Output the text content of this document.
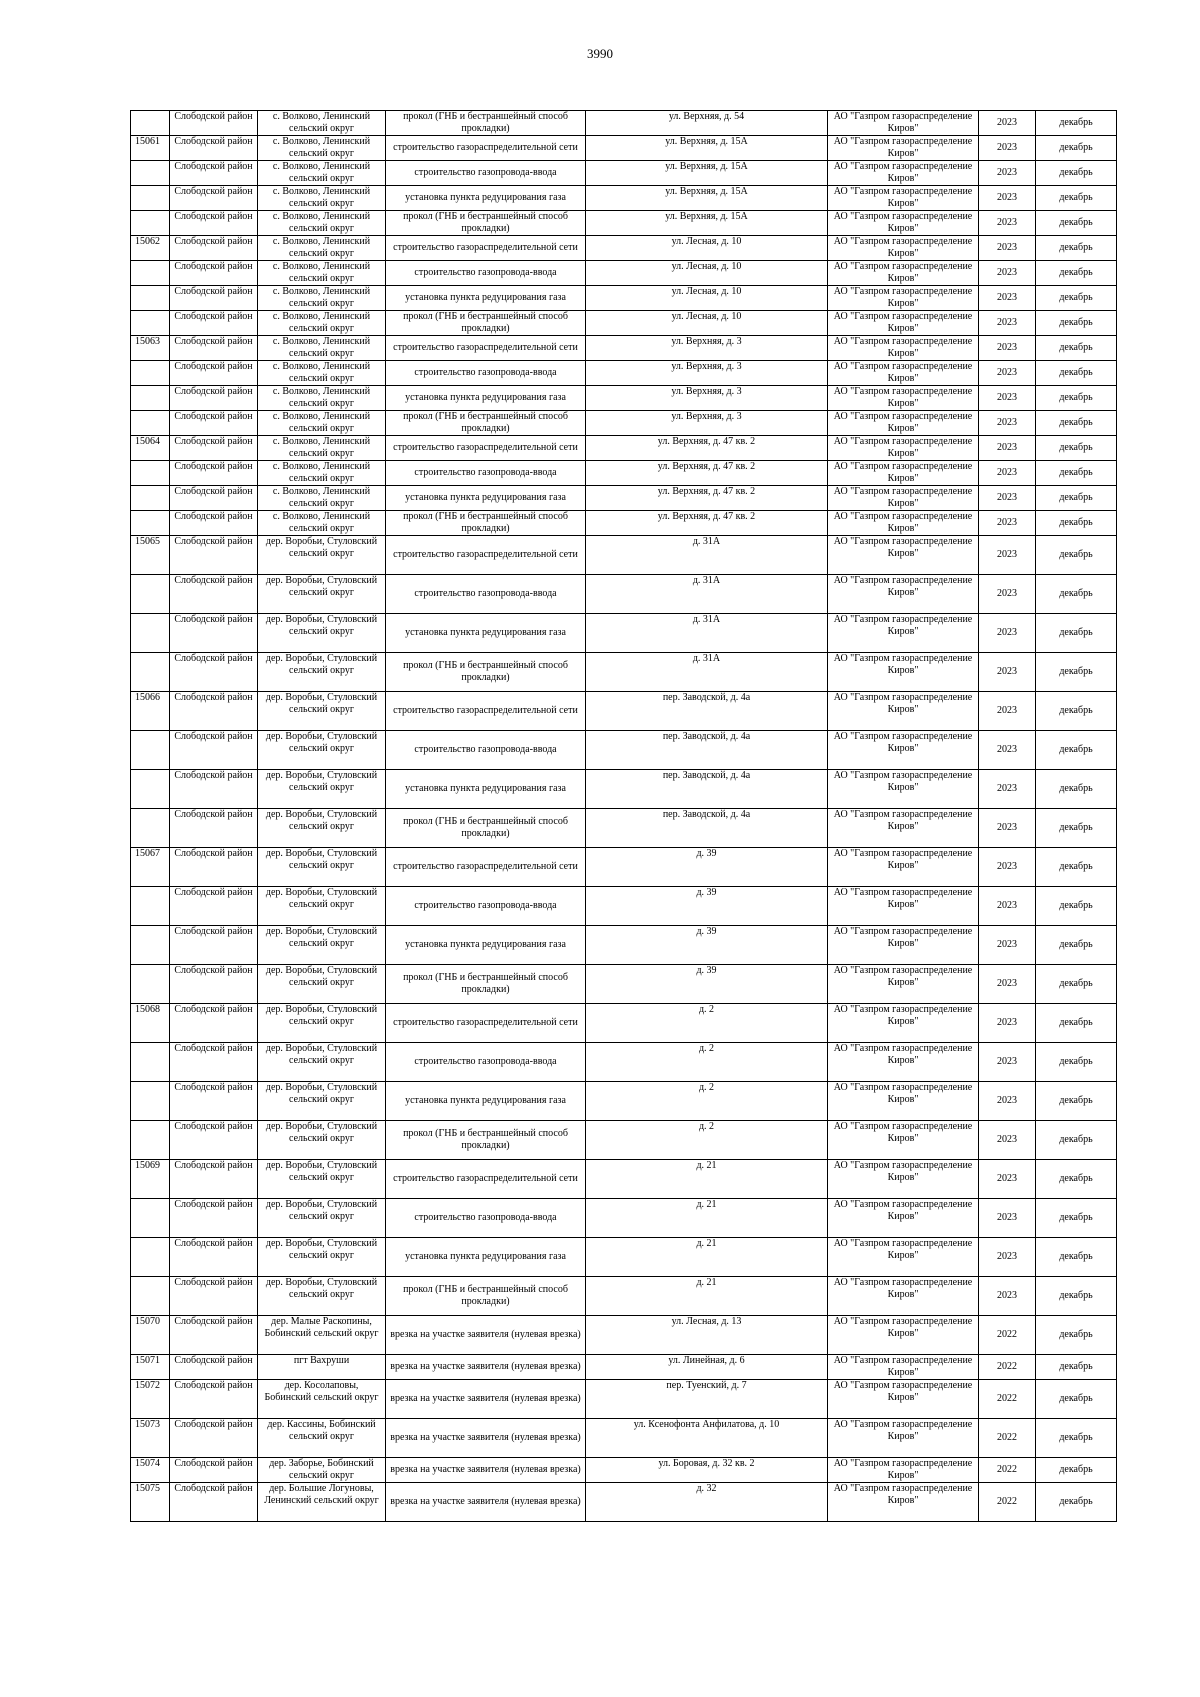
3990
	Слободской район	с. Волково, Ленинский сельский округ	прокол (ГНБ и бестраншейный способ прокладки)	ул. Верхняя, д. 54	АО "Газпром газораспределение Киров"	2023	декабрь
15061	Слободской район	с. Волково, Ленинский сельский округ	строительство газораспределительной сети	ул. Верхняя, д. 15А	АО "Газпром газораспределение Киров"	2023	декабрь
	Слободской район	с. Волково, Ленинский сельский округ	строительство газопровода-ввода	ул. Верхняя, д. 15А	АО "Газпром газораспределение Киров"	2023	декабрь
	Слободской район	с. Волково, Ленинский сельский округ	установка пункта редуцирования газа	ул. Верхняя, д. 15А	АО "Газпром газораспределение Киров"	2023	декабрь
	Слободской район	с. Волково, Ленинский сельский округ	прокол (ГНБ и бестраншейный способ прокладки)	ул. Верхняя, д. 15А	АО "Газпром газораспределение Киров"	2023	декабрь
15062	Слободской район	с. Волково, Ленинский сельский округ	строительство газораспределительной сети	ул. Лесная, д. 10	АО "Газпром газораспределение Киров"	2023	декабрь
	Слободской район	с. Волково, Ленинский сельский округ	строительство газопровода-ввода	ул. Лесная, д. 10	АО "Газпром газораспределение Киров"	2023	декабрь
	Слободской район	с. Волково, Ленинский сельский округ	установка пункта редуцирования газа	ул. Лесная, д. 10	АО "Газпром газораспределение Киров"	2023	декабрь
	Слободской район	с. Волково, Ленинский сельский округ	прокол (ГНБ и бестраншейный способ прокладки)	ул. Лесная, д. 10	АО "Газпром газораспределение Киров"	2023	декабрь
15063	Слободской район	с. Волково, Ленинский сельский округ	строительство газораспределительной сети	ул. Верхняя, д. 3	АО "Газпром газораспределение Киров"	2023	декабрь
	Слободской район	с. Волково, Ленинский сельский округ	строительство газопровода-ввода	ул. Верхняя, д. 3	АО "Газпром газораспределение Киров"	2023	декабрь
	Слободской район	с. Волково, Ленинский сельский округ	установка пункта редуцирования газа	ул. Верхняя, д. 3	АО "Газпром газораспределение Киров"	2023	декабрь
	Слободской район	с. Волково, Ленинский сельский округ	прокол (ГНБ и бестраншейный способ прокладки)	ул. Верхняя, д. 3	АО "Газпром газораспределение Киров"	2023	декабрь
15064	Слободской район	с. Волково, Ленинский сельский округ	строительство газораспределительной сети	ул. Верхняя, д. 47 кв. 2	АО "Газпром газораспределение Киров"	2023	декабрь
	Слободской район	с. Волково, Ленинский сельский округ	строительство газопровода-ввода	ул. Верхняя, д. 47 кв. 2	АО "Газпром газораспределение Киров"	2023	декабрь
	Слободской район	с. Волково, Ленинский сельский округ	установка пункта редуцирования газа	ул. Верхняя, д. 47 кв. 2	АО "Газпром газораспределение Киров"	2023	декабрь
	Слободской район	с. Волково, Ленинский сельский округ	прокол (ГНБ и бестраншейный способ прокладки)	ул. Верхняя, д. 47 кв. 2	АО "Газпром газораспределение Киров"	2023	декабрь
15065	Слободской район	дер. Воробьи, Стуловский сельский округ	строительство газораспределительной сети	д. 31А	АО "Газпром газораспределение Киров"	2023	декабрь
	Слободской район	дер. Воробьи, Стуловский сельский округ	строительство газопровода-ввода	д. 31А	АО "Газпром газораспределение Киров"	2023	декабрь
	Слободской район	дер. Воробьи, Стуловский сельский округ	установка пункта редуцирования газа	д. 31А	АО "Газпром газораспределение Киров"	2023	декабрь
	Слободской район	дер. Воробьи, Стуловский сельский округ	прокол (ГНБ и бестраншейный способ прокладки)	д. 31А	АО "Газпром газораспределение Киров"	2023	декабрь
15066	Слободской район	дер. Воробьи, Стуловский сельский округ	строительство газораспределительной сети	пер. Заводской, д. 4а	АО "Газпром газораспределение Киров"	2023	декабрь
	Слободской район	дер. Воробьи, Стуловский сельский округ	строительство газопровода-ввода	пер. Заводской, д. 4а	АО "Газпром газораспределение Киров"	2023	декабрь
	Слободской район	дер. Воробьи, Стуловский сельский округ	установка пункта редуцирования газа	пер. Заводской, д. 4а	АО "Газпром газораспределение Киров"	2023	декабрь
	Слободской район	дер. Воробьи, Стуловский сельский округ	прокол (ГНБ и бестраншейный способ прокладки)	пер. Заводской, д. 4а	АО "Газпром газораспределение Киров"	2023	декабрь
15067	Слободской район	дер. Воробьи, Стуловский сельский округ	строительство газораспределительной сети	д. 39	АО "Газпром газораспределение Киров"	2023	декабрь
	Слободской район	дер. Воробьи, Стуловский сельский округ	строительство газопровода-ввода	д. 39	АО "Газпром газораспределение Киров"	2023	декабрь
	Слободской район	дер. Воробьи, Стуловский сельский округ	установка пункта редуцирования газа	д. 39	АО "Газпром газораспределение Киров"	2023	декабрь
	Слободской район	дер. Воробьи, Стуловский сельский округ	прокол (ГНБ и бестраншейный способ прокладки)	д. 39	АО "Газпром газораспределение Киров"	2023	декабрь
15068	Слободской район	дер. Воробьи, Стуловский сельский округ	строительство газораспределительной сети	д. 2	АО "Газпром газораспределение Киров"	2023	декабрь
	Слободской район	дер. Воробьи, Стуловский сельский округ	строительство газопровода-ввода	д. 2	АО "Газпром газораспределение Киров"	2023	декабрь
	Слободской район	дер. Воробьи, Стуловский сельский округ	установка пункта редуцирования газа	д. 2	АО "Газпром газораспределение Киров"	2023	декабрь
	Слободской район	дер. Воробьи, Стуловский сельский округ	прокол (ГНБ и бестраншейный способ прокладки)	д. 2	АО "Газпром газораспределение Киров"	2023	декабрь
15069	Слободской район	дер. Воробьи, Стуловский сельский округ	строительство газораспределительной сети	д. 21	АО "Газпром газораспределение Киров"	2023	декабрь
	Слободской район	дер. Воробьи, Стуловский сельский округ	строительство газопровода-ввода	д. 21	АО "Газпром газораспределение Киров"	2023	декабрь
	Слободской район	дер. Воробьи, Стуловский сельский округ	установка пункта редуцирования газа	д. 21	АО "Газпром газораспределение Киров"	2023	декабрь
	Слободской район	дер. Воробьи, Стуловский сельский округ	прокол (ГНБ и бестраншейный способ прокладки)	д. 21	АО "Газпром газораспределение Киров"	2023	декабрь
15070	Слободской район	дер. Малые Раскопины, Бобинский сельский округ	врезка на участке заявителя (нулевая врезка)	ул. Лесная, д. 13	АО "Газпром газораспределение Киров"	2022	декабрь
15071	Слободской район	пгт Вахруши	врезка на участке заявителя (нулевая врезка)	ул. Линейная, д. 6	АО "Газпром газораспределение Киров"	2022	декабрь
15072	Слободской район	дер. Косолаповы, Бобинский сельский округ	врезка на участке заявителя (нулевая врезка)	пер. Туенский, д. 7	АО "Газпром газораспределение Киров"	2022	декабрь
15073	Слободской район	дер. Кассины, Бобинский сельский округ	врезка на участке заявителя (нулевая врезка)	ул. Ксенофонта Анфилатова, д. 10	АО "Газпром газораспределение Киров"	2022	декабрь
15074	Слободской район	дер. Заборье, Бобинский сельский округ	врезка на участке заявителя (нулевая врезка)	ул. Боровая, д. 32 кв. 2	АО "Газпром газораспределение Киров"	2022	декабрь
15075	Слободской район	дер. Большие Логуновы, Ленинский сельский округ	врезка на участке заявителя (нулевая врезка)	д. 32	АО "Газпром газораспределение Киров"	2022	декабрь
